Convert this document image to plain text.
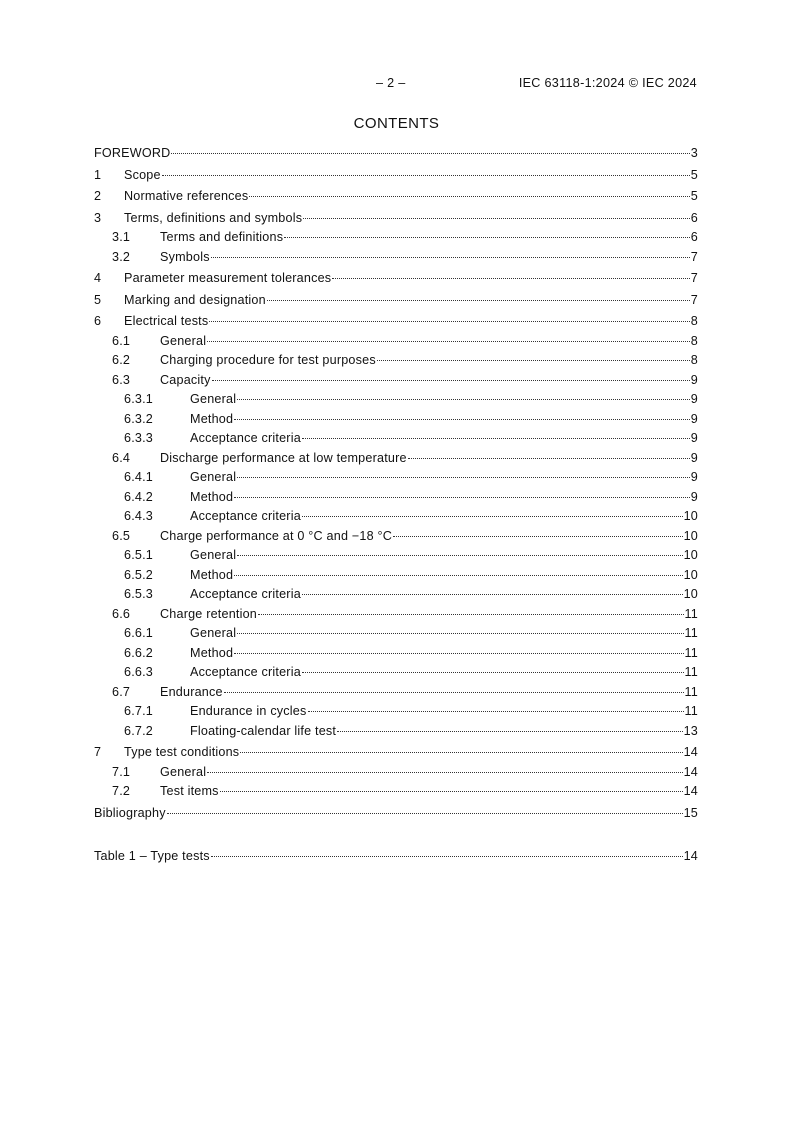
– 2 –	IEC 63118-1:2024 © IEC 2024
CONTENTS
FOREWORD	3
1	Scope	5
2	Normative references	5
3	Terms, definitions and symbols	6
3.1	Terms and definitions	6
3.2	Symbols	7
4	Parameter measurement tolerances	7
5	Marking and designation	7
6	Electrical tests	8
6.1	General	8
6.2	Charging procedure for test purposes	8
6.3	Capacity	9
6.3.1	General	9
6.3.2	Method	9
6.3.3	Acceptance criteria	9
6.4	Discharge performance at low temperature	9
6.4.1	General	9
6.4.2	Method	9
6.4.3	Acceptance criteria	10
6.5	Charge performance at 0 °C and −18 °C	10
6.5.1	General	10
6.5.2	Method	10
6.5.3	Acceptance criteria	10
6.6	Charge retention	11
6.6.1	General	11
6.6.2	Method	11
6.6.3	Acceptance criteria	11
6.7	Endurance	11
6.7.1	Endurance in cycles	11
6.7.2	Floating-calendar life test	13
7	Type test conditions	14
7.1	General	14
7.2	Test items	14
Bibliography	15
Table 1 – Type tests	14
